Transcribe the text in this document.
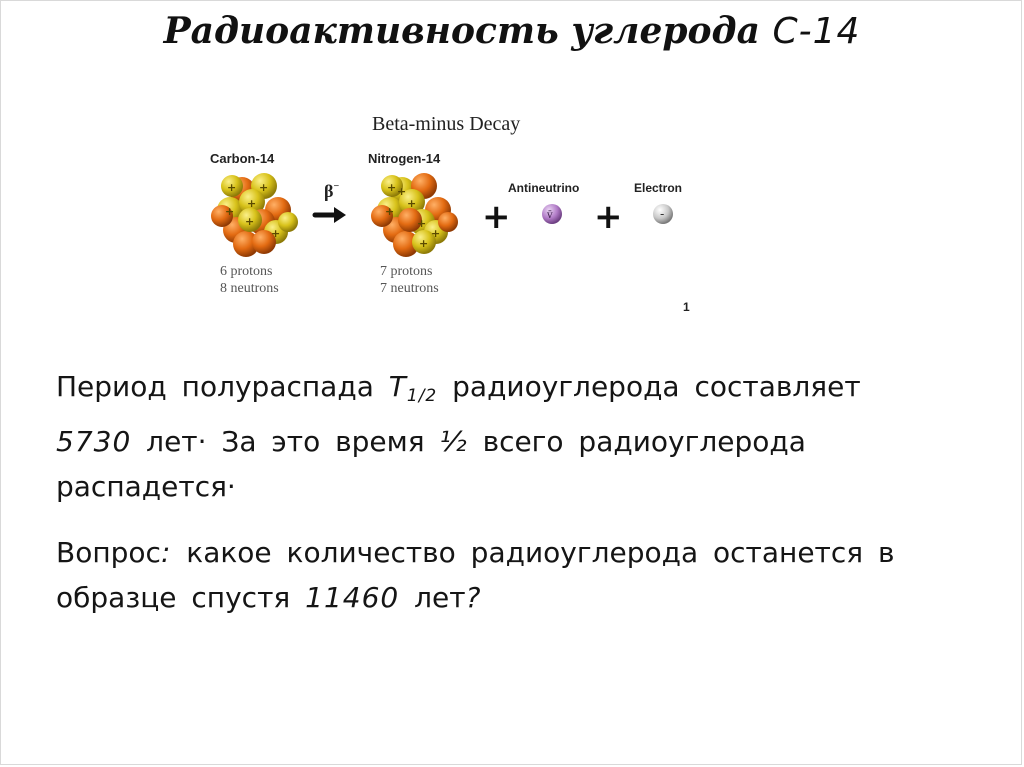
Радиоактивность углерода C-14
Beta-minus Decay
Carbon-14
+
+
+
+
+
+
6 protons
8 neutrons
β−
Nitrogen-14
+
+
+
+
+
+
+
7 protons
7 neutrons
+
Antineutrino
v̄ +
Electron
-
1
Период полураспада $T_{1/2}$ радиоуглерода составляет
5730 лет· За это время ½ всего радиоуглерода
распадется·
Вопрос: какое количество радиоуглерода останется в
образце спустя 11460 лет?
